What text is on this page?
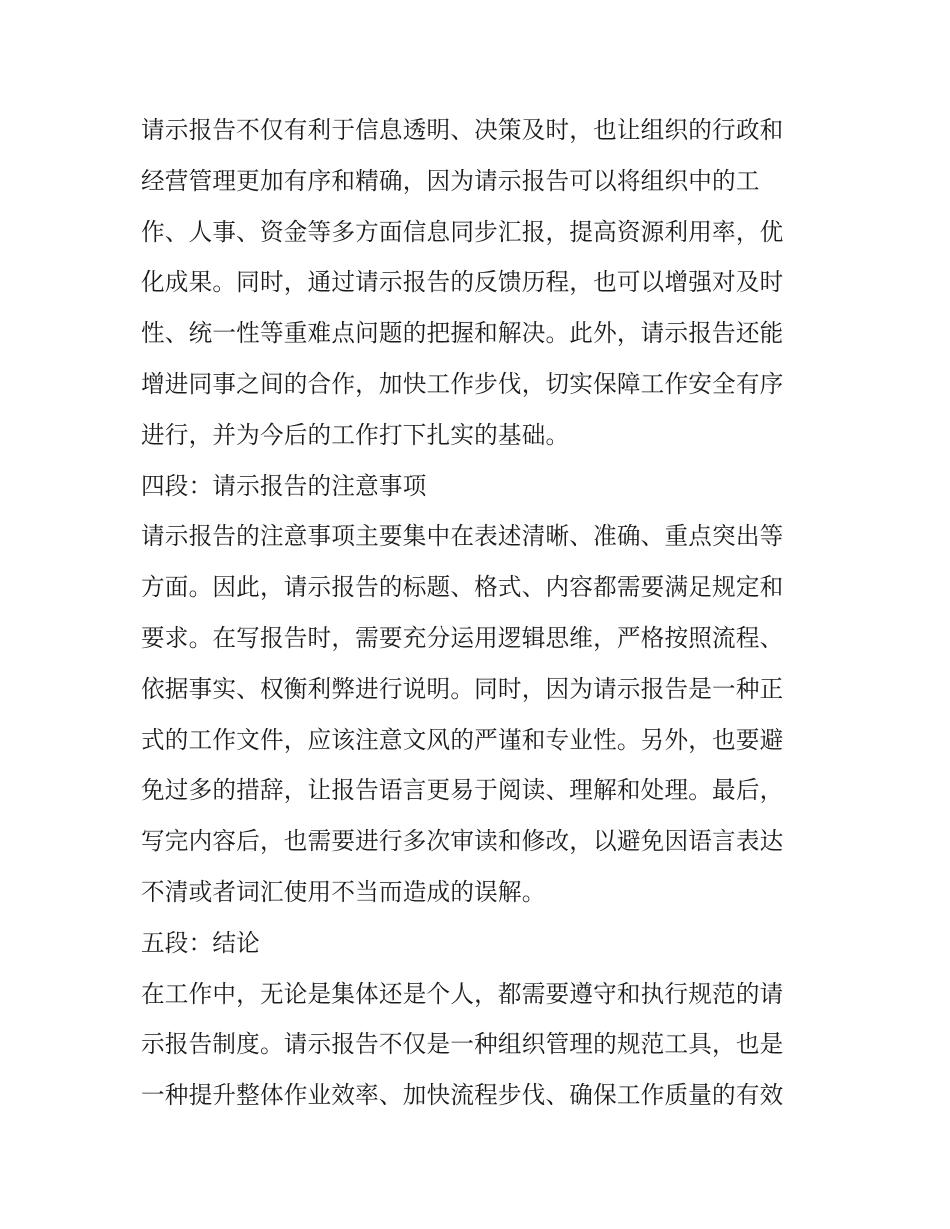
请示报告不仅有利于信息透明、决策及时，也让组织的行政和
经营管理更加有序和精确，因为请示报告可以将组织中的工
作、人事、资金等多方面信息同步汇报，提高资源利用率，优
化成果。同时，通过请示报告的反馈历程，也可以增强对及时
性、统一性等重难点问题的把握和解决。此外，请示报告还能
增进同事之间的合作，加快工作步伐，切实保障工作安全有序
进行，并为今后的工作打下扎实的基础。
四段：请示报告的注意事项
请示报告的注意事项主要集中在表述清晰、准确、重点突出等
方面。因此，请示报告的标题、格式、内容都需要满足规定和
要求。在写报告时，需要充分运用逻辑思维，严格按照流程、
依据事实、权衡利弊进行说明。同时，因为请示报告是一种正
式的工作文件，应该注意文风的严谨和专业性。另外，也要避
免过多的措辞，让报告语言更易于阅读、理解和处理。最后，
写完内容后，也需要进行多次审读和修改，以避免因语言表达
不清或者词汇使用不当而造成的误解。
五段：结论
在工作中，无论是集体还是个人，都需要遵守和执行规范的请
示报告制度。请示报告不仅是一种组织管理的规范工具，也是
一种提升整体作业效率、加快流程步伐、确保工作质量的有效
